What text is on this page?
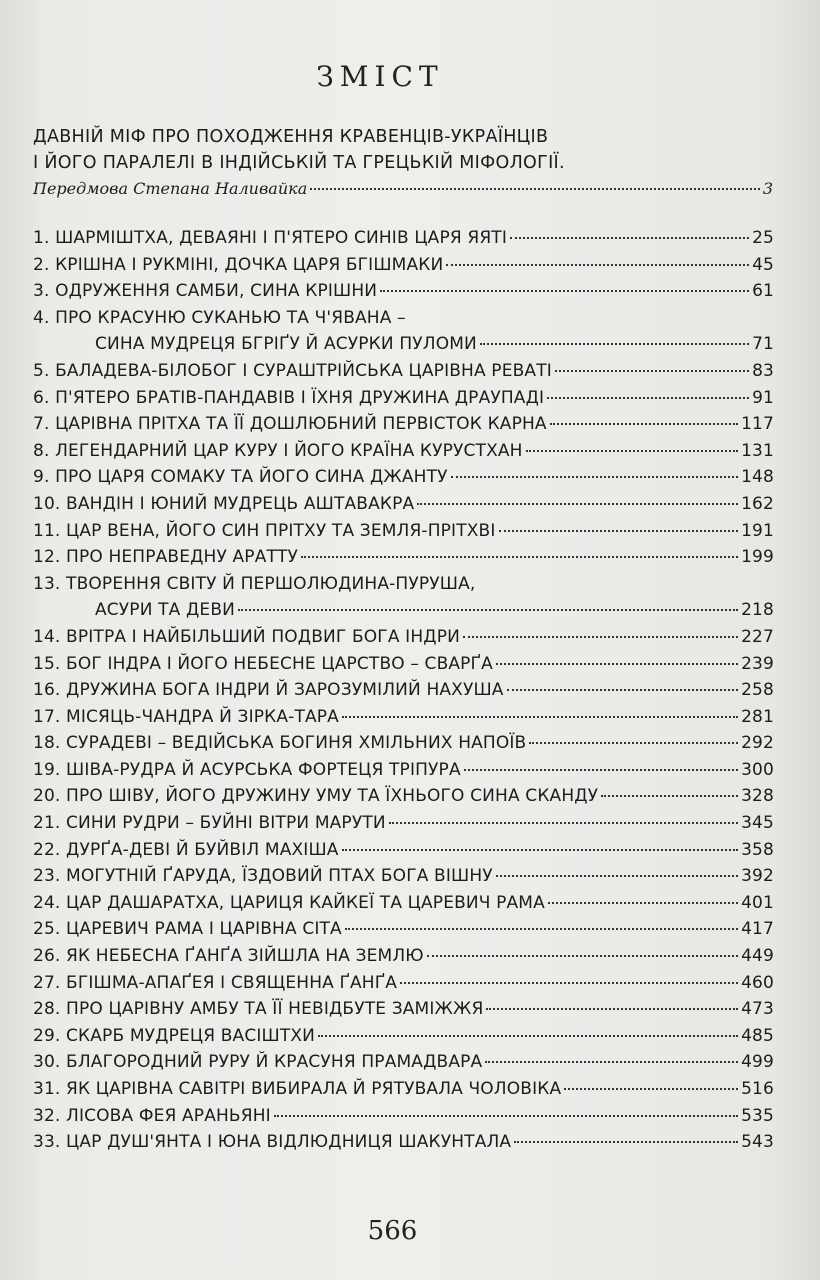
ЗМІСТ
ДАВНІЙ МІФ ПРО ПОХОДЖЕННЯ КРАВЕНЦІВ-УКРАЇНЦІВ
І ЙОГО ПАРАЛЕЛІ В ІНДІЙСЬКІЙ ТА ГРЕЦЬКІЙ МІФОЛОГІЇ.
Передмова Степана Наливайка	3
1. ШАРМІШТХА, ДЕВАЯНІ І П'ЯТЕРО СИНІВ ЦАРЯ ЯЯТІ	25
2. КРІШНА І РУКМІНІ, ДОЧКА ЦАРЯ БГІШМАКИ	45
3. ОДРУЖЕННЯ САМБИ, СИНА КРІШНИ	61
4. ПРО КРАСУНЮ СУКАНЬЮ ТА Ч'ЯВАНА –
СИНА МУДРЕЦЯ БГРІҐУ Й АСУРКИ ПУЛОМИ	71
5. БАЛАДЕВА-БІЛОБОГ І СУРАШТРІЙСЬКА ЦАРІВНА РЕВАТІ	83
6. П'ЯТЕРО БРАТІВ-ПАНДАВІВ І ЇХНЯ ДРУЖИНА ДРАУПАДІ	91
7. ЦАРІВНА ПРІТХА ТА ЇЇ ДОШЛЮБНИЙ ПЕРВІСТОК КАРНА	117
8. ЛЕГЕНДАРНИЙ ЦАР КУРУ І ЙОГО КРАЇНА КУРУСТХАН	131
9. ПРО ЦАРЯ СОМАКУ ТА ЙОГО СИНА ДЖАНТУ	148
10. ВАНДІН І ЮНИЙ МУДРЕЦЬ АШТАВАКРА	162
11. ЦАР ВЕНА, ЙОГО СИН ПРІТХУ ТА ЗЕМЛЯ-ПРІТХВІ	191
12. ПРО НЕПРАВЕДНУ АРАТТУ	199
13. ТВОРЕННЯ СВІТУ Й ПЕРШОЛЮДИНА-ПУРУША,
АСУРИ ТА ДЕВИ	218
14. ВРІТРА І НАЙБІЛЬШИЙ ПОДВИГ БОГА ІНДРИ	227
15. БОГ ІНДРА І ЙОГО НЕБЕСНЕ ЦАРСТВО – СВАРҐА	239
16. ДРУЖИНА БОГА ІНДРИ Й ЗАРОЗУМІЛИЙ НАХУША	258
17. МІСЯЦЬ-ЧАНДРА Й ЗІРКА-ТАРА	281
18. СУРАДЕВІ – ВЕДІЙСЬКА БОГИНЯ ХМІЛЬНИХ НАПОЇВ	292
19. ШІВА-РУДРА Й АСУРСЬКА ФОРТЕЦЯ ТРІПУРА	300
20. ПРО ШІВУ, ЙОГО ДРУЖИНУ УМУ ТА ЇХНЬОГО СИНА СКАНДУ	328
21. СИНИ РУДРИ – БУЙНІ ВІТРИ МАРУТИ	345
22. ДУРҐА-ДЕВІ Й БУЙВІЛ МАХІША	358
23. МОГУТНІЙ ҐАРУДА, ЇЗДОВИЙ ПТАХ БОГА ВІШНУ	392
24. ЦАР ДАШАРАТХА, ЦАРИЦЯ КАЙКЕЇ ТА ЦАРЕВИЧ РАМА	401
25. ЦАРЕВИЧ РАМА І ЦАРІВНА СІТА	417
26. ЯК НЕБЕСНА ҐАНҐА ЗІЙШЛА НА ЗЕМЛЮ	449
27. БГІШМА-АПАҐЕЯ І СВЯЩЕННА ҐАНҐА	460
28. ПРО ЦАРІВНУ АМБУ ТА ЇЇ НЕВІДБУТЕ ЗАМІЖЖЯ	473
29. СКАРБ МУДРЕЦЯ ВАСІШТХИ	485
30. БЛАГОРОДНИЙ РУРУ Й КРАСУНЯ ПРАМАДВАРА	499
31. ЯК ЦАРІВНА САВІТРІ ВИБИРАЛА Й РЯТУВАЛА ЧОЛОВІКА	516
32. ЛІСОВА ФЕЯ АРАНЬЯНІ	535
33. ЦАР ДУШ'ЯНТА І ЮНА ВІДЛЮДНИЦЯ ШАКУНТАЛА	543
566
